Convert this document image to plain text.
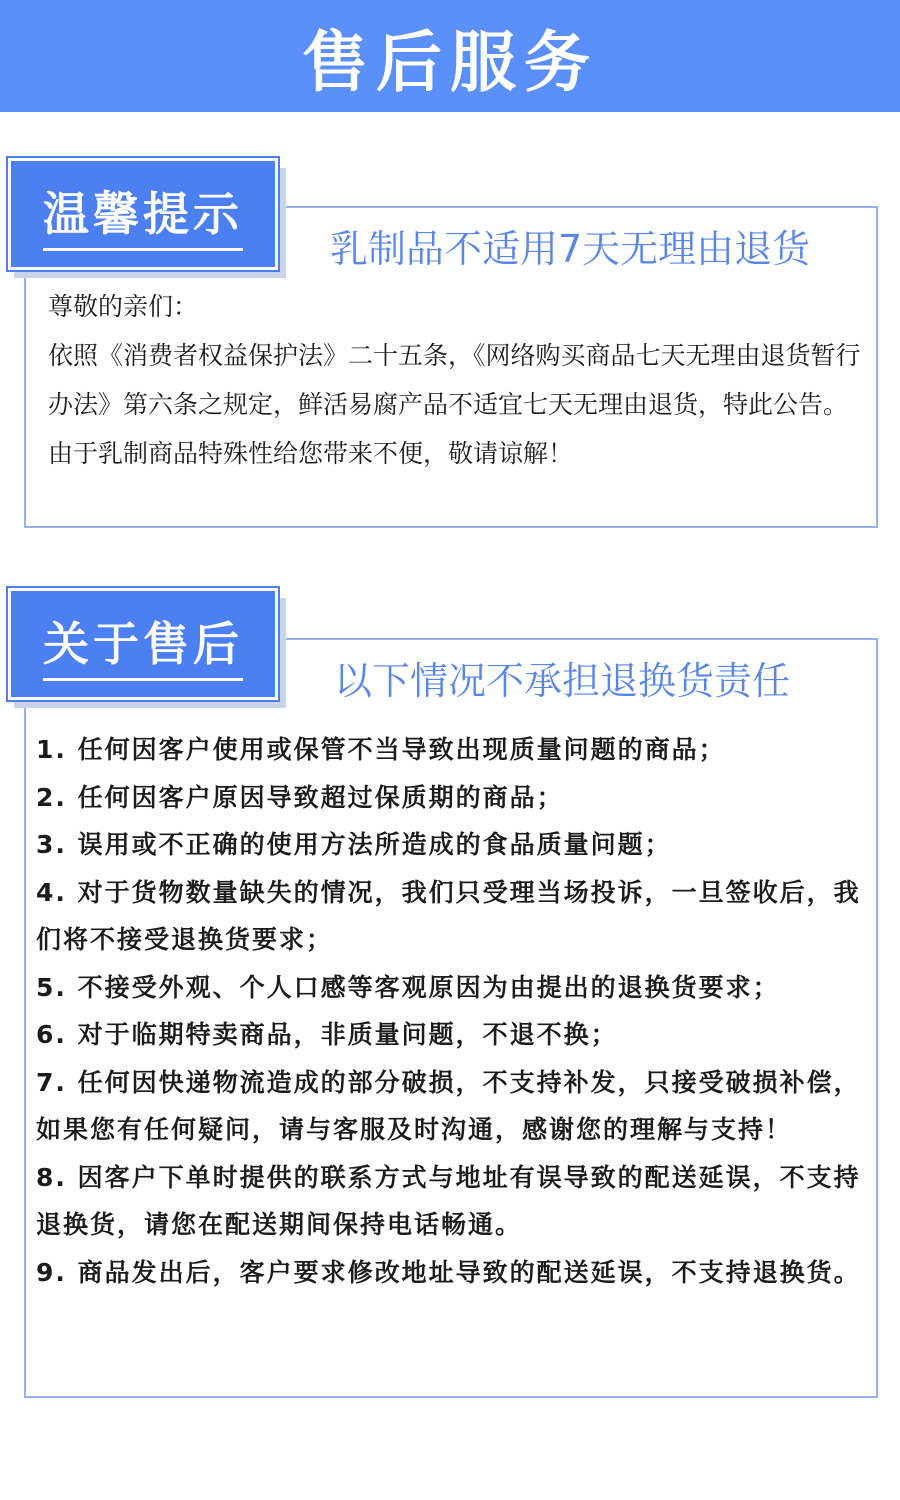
售后服务
温馨提示
乳制品不适用7天无理由退货

尊敬的亲们：

依照《消费者权益保护法》二十五条，《网络购买商品七天无理由退货暂行办法》第六条之规定，鲜活易腐产品不适宜七天无理由退货，特此公告。

由于乳制商品特殊性给您带来不便，敬请谅解！

关于售后
以下情况不承担退换货责任

1. 任何因客户使用或保管不当导致出现质量问题的商品；

2. 任何因客户原因导致超过保质期的商品；

3. 误用或不正确的使用方法所造成的食品质量问题；

4. 对于货物数量缺失的情况，我们只受理当场投诉，一旦签收后，我们将不接受退换货要求；

5. 不接受外观、个人口感等客观原因为由提出的退换货要求；

6. 对于临期特卖商品，非质量问题，不退不换；

7. 任何因快递物流造成的部分破损，不支持补发，只接受破损补偿，如果您有任何疑问，请与客服及时沟通，感谢您的理解与支持！

8. 因客户下单时提供的联系方式与地址有误导致的配送延误，不支持退换货，请您在配送期间保持电话畅通。

9. 商品发出后，客户要求修改地址导致的配送延误，不支持退换货。
